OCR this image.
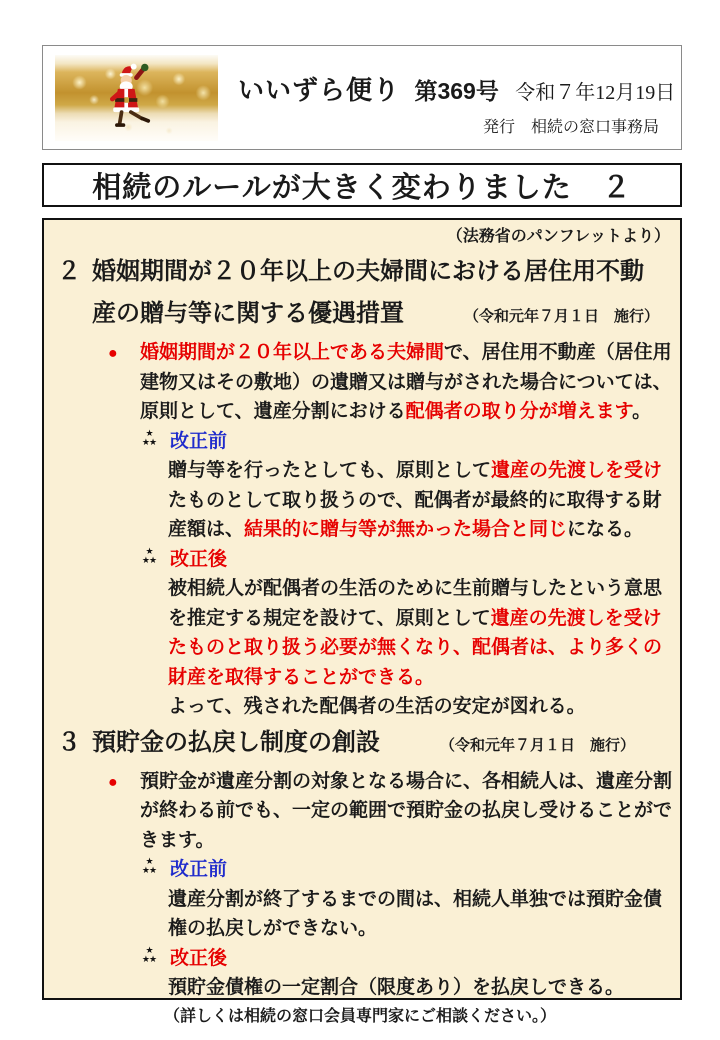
いいずら便り 第369号 令和７年12月19日
発行　相続の窓口事務局
相続のルールが大きく変わりました　２
（法務省のパンフレットより）
２ 婚姻期間が２０年以上の夫婦間における居住用不動
産の贈与等に関する優遇措置	（令和元年７月１日　施行）
● 婚姻期間が２０年以上である夫婦間で、居住用不動産（居住用
建物又はその敷地）の遺贈又は贈与がされた場合については、
原則として、遺産分割における配偶者の取り分が増えます。
★
★★ 改正前
贈与等を行ったとしても、原則として遺産の先渡しを受け
たものとして取り扱うので、配偶者が最終的に取得する財
産額は、結果的に贈与等が無かった場合と同じになる。
★
★★ 改正後
被相続人が配偶者の生活のために生前贈与したという意思
を推定する規定を設けて、原則として遺産の先渡しを受け
たものと取り扱う必要が無くなり、配偶者は、より多くの
財産を取得することができる。
よって、残された配偶者の生活の安定が図れる。
３ 預貯金の払戻し制度の創設	（令和元年７月１日　施行）
● 預貯金が遺産分割の対象となる場合に、各相続人は、遺産分割
が終わる前でも、一定の範囲で預貯金の払戻し受けることがで
きます。
★
★★ 改正前
遺産分割が終了するまでの間は、相続人単独では預貯金債
権の払戻しができない。
★
★★ 改正後
預貯金債権の一定割合（限度あり）を払戻しできる。
（詳しくは相続の窓口会員専門家にご相談ください。）
